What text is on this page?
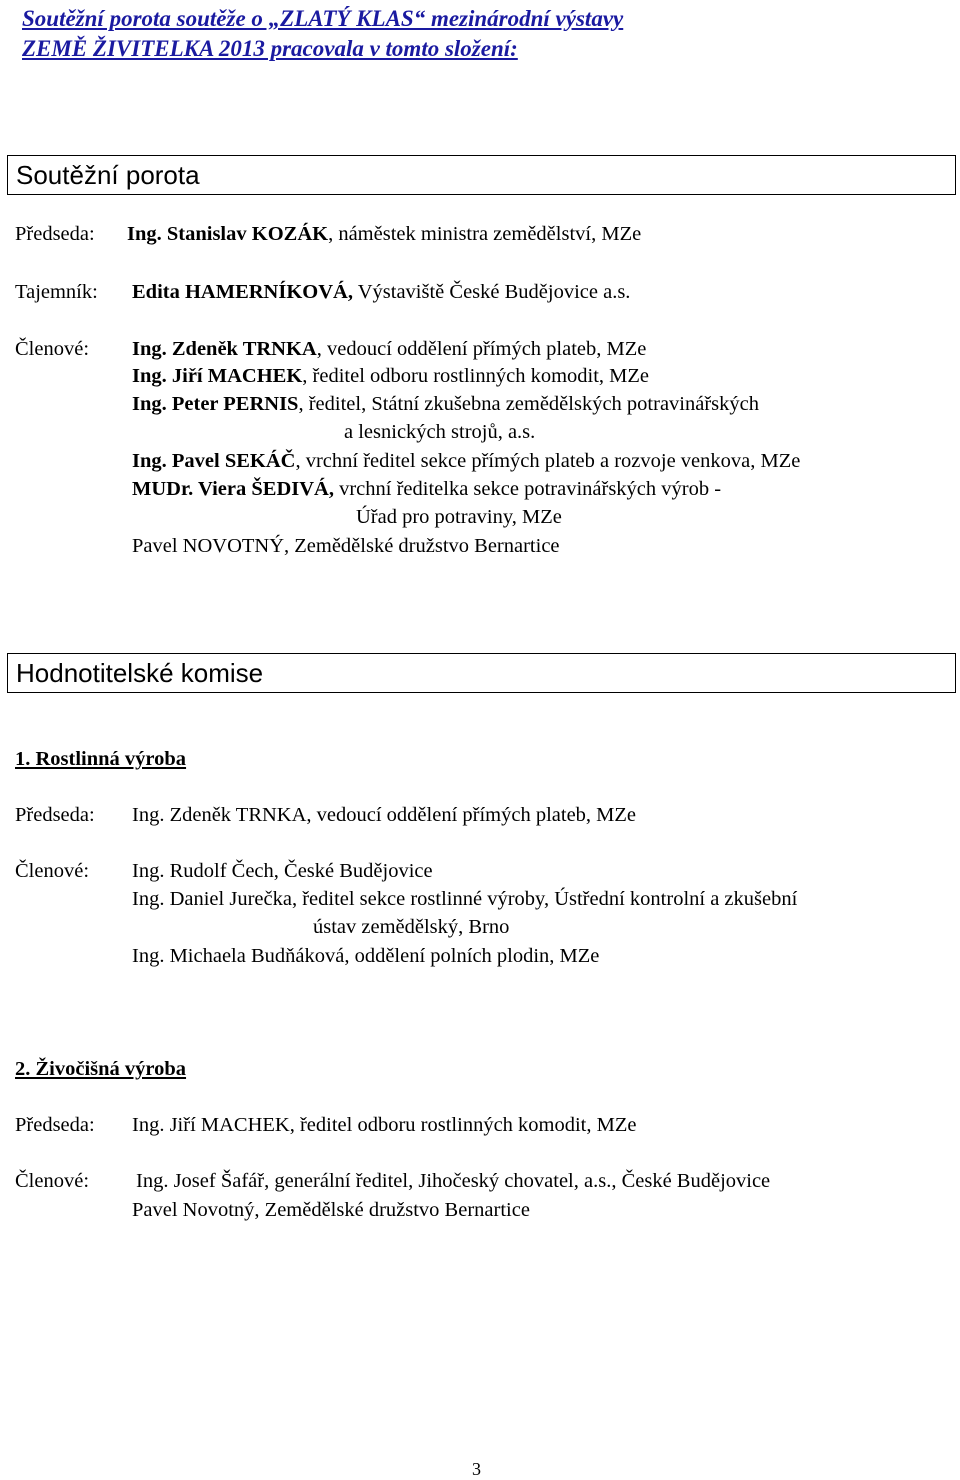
Soutěžní porota soutěže o „ZLATÝ KLAS“ mezinárodní výstavy
ZEMĚ ŽIVITELKA 2013 pracovala v tomto složení:
Soutěžní porota
Předseda: Ing. Stanislav KOZÁK, náměstek ministra zemědělství, MZe
Tajemník: Edita HAMERNÍKOVÁ, Výstaviště České Budějovice a.s.
Členové: Ing. Zdeněk TRNKA, vedoucí oddělení přímých plateb, MZe
Ing. Jiří MACHEK, ředitel odboru rostlinných komodit, MZe
Ing. Peter PERNIS, ředitel, Státní zkušebna zemědělských potravinářských
a lesnických strojů, a.s.
Ing. Pavel SEKÁČ, vrchní ředitel sekce přímých plateb a rozvoje venkova, MZe
MUDr. Viera ŠEDIVÁ, vrchní ředitelka sekce potravinářských výrob -
Úřad pro potraviny, MZe
Pavel NOVOTNÝ, Zemědělské družstvo Bernartice
Hodnotitelské komise
1. Rostlinná výroba
Předseda: Ing. Zdeněk TRNKA, vedoucí oddělení přímých plateb, MZe
Členové: Ing. Rudolf Čech, České Budějovice
Ing. Daniel Jurečka, ředitel sekce rostlinné výroby, Ústřední kontrolní a zkušební
ústav zemědělský, Brno
Ing. Michaela Budňáková, oddělení polních plodin, MZe
2. Živočišná výroba
Předseda: Ing. Jiří MACHEK, ředitel odboru rostlinných komodit, MZe
Členové: Ing. Josef Šafář, generální ředitel, Jihočeský chovatel, a.s., České Budějovice
Pavel Novotný, Zemědělské družstvo Bernartice
3
